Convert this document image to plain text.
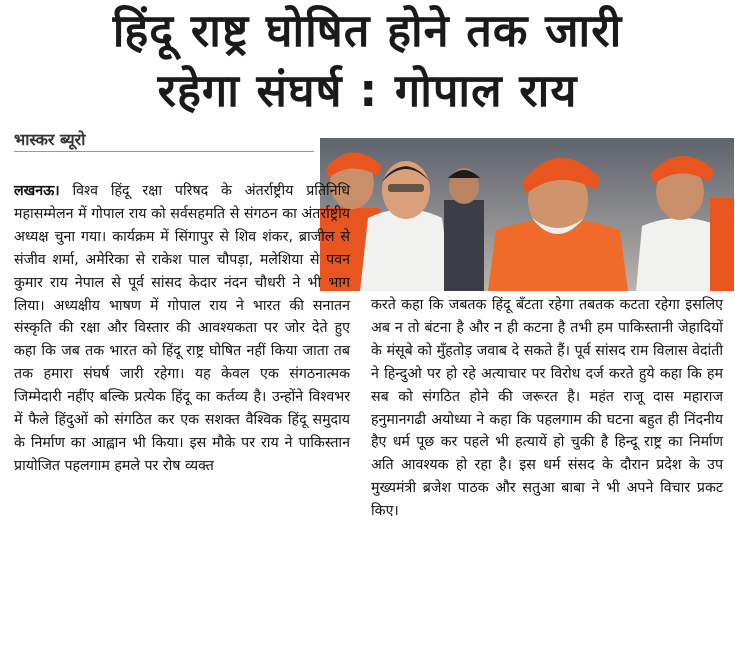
हिंदू राष्ट्र घोषित होने तक जारी
रहेगा संघर्ष : गोपाल राय
भास्कर ब्यूरो

लखनऊ। विश्व हिंदू रक्षा परिषद के अंतर्राष्ट्रीय प्रतिनिधि महासम्मेलन में गोपाल राय को सर्वसहमति से संगठन का अंतर्राष्ट्रीय अध्यक्ष चुना गया। कार्यक्रम में सिंगापुर से शिव शंकर, ब्राजील से संजीव शर्मा, अमेरिका से राकेश पाल चौपड़ा, मलेशिया से पवन कुमार राय नेपाल से पूर्व सांसद केदार नंदन चौधरी ने भी भाग लिया। अध्यक्षीय भाषण में गोपाल राय ने भारत की सनातन संस्कृति की रक्षा और विस्तार की आवश्यकता पर जोर देते हुए कहा कि जब तक भारत को हिंदू राष्ट्र घोषित नहीं किया जाता तब तक हमारा संघर्ष जारी रहेगा। यह केवल एक संगठनात्मक जिम्मेदारी नहींए बल्कि प्रत्येक हिंदू का कर्तव्य है। उन्होंने विश्वभर में फैले हिंदुओं को संगठित कर एक सशक्त वैश्विक हिंदू समुदाय के निर्माण का आह्वान भी किया। इस मौके पर राय ने पाकिस्तान प्रायोजित पहलगाम हमले पर रोष व्यक्त

करते कहा कि जबतक हिंदू बँटता रहेगा तबतक कटता रहेगा इसलिए अब न तो बंटना है और न ही कटना है तभी हम पाकिस्तानी जेहादियों के मंसूबे को मुँहतोड़ जवाब दे सकते हैं। पूर्व सांसद राम विलास वेदांती ने हिन्दुओ पर हो रहे अत्याचार पर विरोध दर्ज करते हुये कहा कि हम सब को संगठित होने की जरूरत है। महंत राजू दास महाराज हनुमानगढी अयोध्या ने कहा कि पहलगाम की घटना बहुत ही निंदनीय हैए धर्म पूछ कर पहले भी हत्यायें हो चुकी है हिन्दू राष्ट्र का निर्माण अति आवश्यक हो रहा है। इस धर्म संसद के दौरान प्रदेश के उप मुख्यमंत्री ब्रजेश पाठक और सतुआ बाबा ने भी अपने विचार प्रकट किए।
